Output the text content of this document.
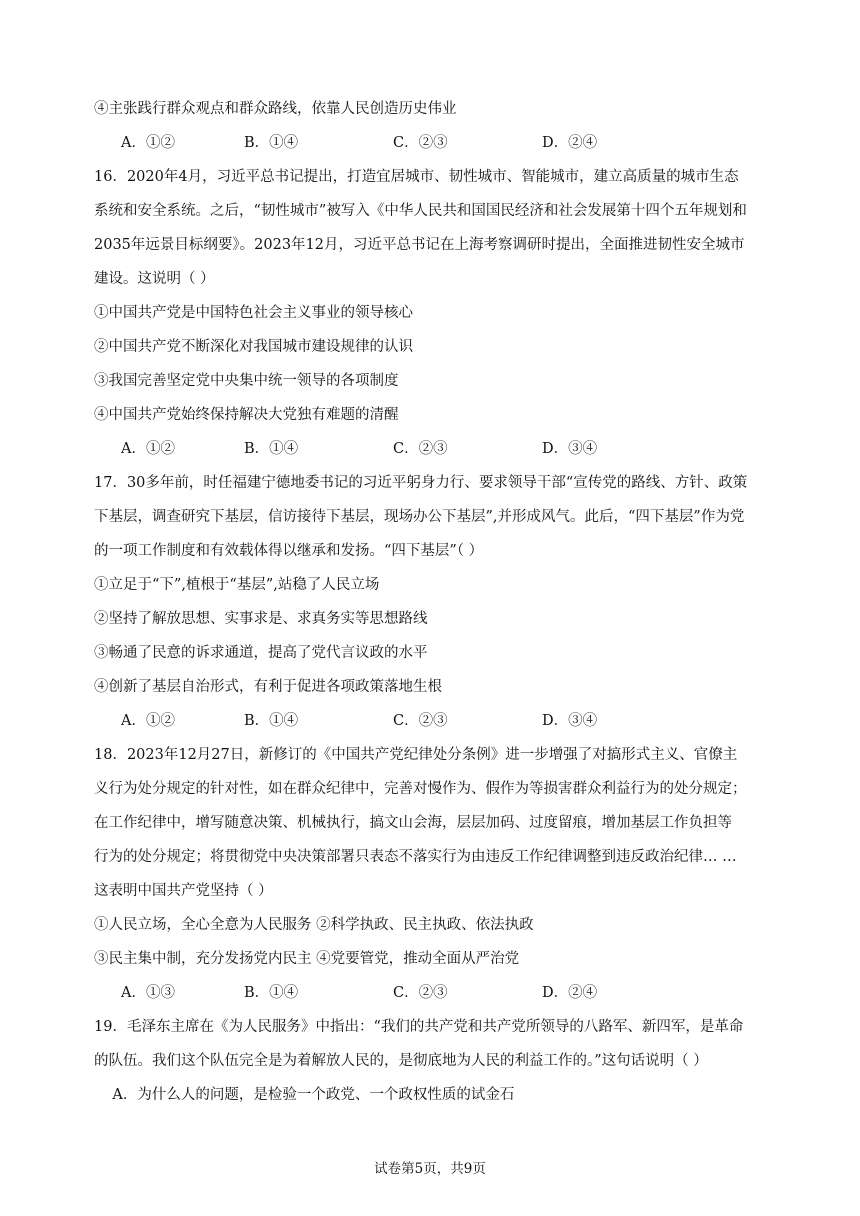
④主张践行群众观点和群众路线，依靠人民创造历史伟业
A．①②	B．①④	C．②③	D．②④
16．2020年4月，习近平总书记提出，打造宜居城市、韧性城市、智能城市，建立高质量的城市生态
系统和安全系统。之后，“韧性城市”被写入《中华人民共和国国民经济和社会发展第十四个五年规划和
2035年远景目标纲要》。2023年12月，习近平总书记在上海考察调研时提出，全面推进韧性安全城市
建设。这说明（ ）
①中国共产党是中国特色社会主义事业的领导核心
②中国共产党不断深化对我国城市建设规律的认识
③我国完善坚定党中央集中统一领导的各项制度
④中国共产党始终保持解决大党独有难题的清醒
A．①②	B．①④	C．②③	D．③④
17．30多年前，时任福建宁德地委书记的习近平躬身力行、要求领导干部“宣传党的路线、方针、政策
下基层，调查研究下基层，信访接待下基层，现场办公下基层”,并形成风气。此后，“四下基层”作为党
的一项工作制度和有效载体得以继承和发扬。“四下基层”（ ）
①立足于“下”,植根于“基层”,站稳了人民立场
②坚持了解放思想、实事求是、求真务实等思想路线
③畅通了民意的诉求通道，提高了党代言议政的水平
④创新了基层自治形式，有利于促进各项政策落地生根
A．①②	B．①④	C．②③	D．③④
18．2023年12月27日，新修订的《中国共产党纪律处分条例》进一步增强了对搞形式主义、官僚主
义行为处分规定的针对性，如在群众纪律中，完善对慢作为、假作为等损害群众利益行为的处分规定；
在工作纪律中，增写随意决策、机械执行，搞文山会海，层层加码、过度留痕，增加基层工作负担等
行为的处分规定；将贯彻党中央决策部署只表态不落实行为由违反工作纪律调整到违反政治纪律… …
这表明中国共产党坚持（ ）
①人民立场，全心全意为人民服务 ②科学执政、民主执政、依法执政
③民主集中制，充分发扬党内民主 ④党要管党，推动全面从严治党
A．①③	B．①④	C．②③	D．②④
19．毛泽东主席在《为人民服务》中指出：“我们的共产党和共产党所领导的八路军、新四军，是革命
的队伍。我们这个队伍完全是为着解放人民的，是彻底地为人民的利益工作的。”这句话说明（ ）
A．为什么人的问题，是检验一个政党、一个政权性质的试金石
试卷第5页，共9页
